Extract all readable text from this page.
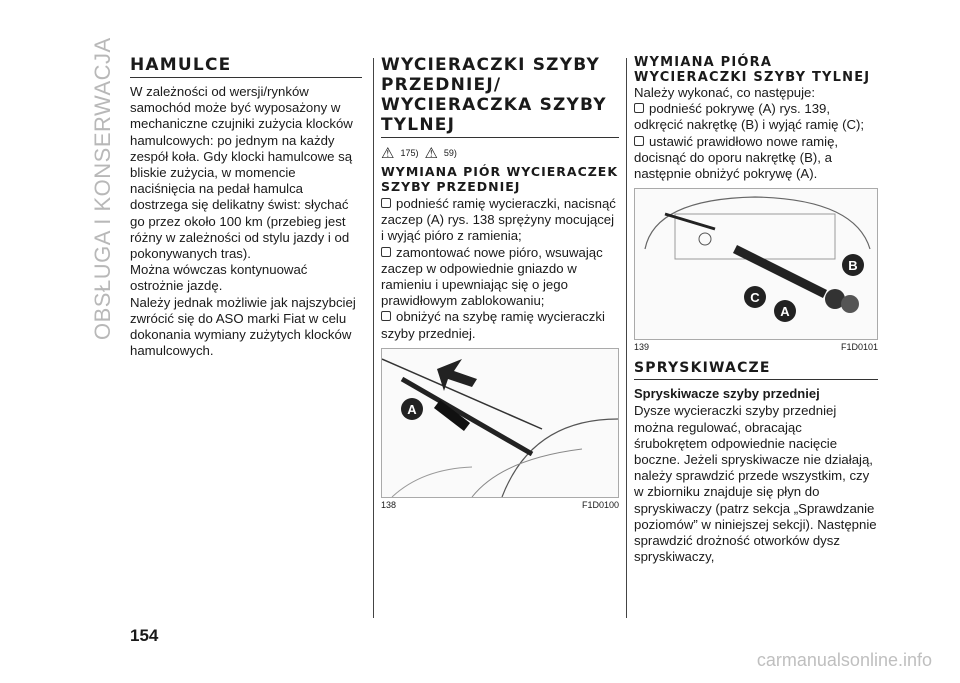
OBSŁUGA I KONSERWACJA HAMULCE

W zależności od wersji/rynków samochód może być wyposażony w mechaniczne czujniki zużycia klocków hamulcowych: po jednym na każdy zespół koła. Gdy klocki hamulcowe są bliskie zużycia, w momencie naciśnięcia na pedał hamulca dostrzega się delikatny świst: słychać go przez około 100 km (przebieg jest różny w zależności od stylu jazdy i od pokonywanych tras).

Można wówczas kontynuować ostrożnie jazdę.

Należy jednak możliwie jak najszybciej zwrócić się do ASO marki Fiat w celu dokonania wymiany zużytych klocków hamulcowych.

WYCIERACZKI SZYBY PRZEDNIEJ/ WYCIERACZKA SZYBY TYLNEJ
⚠ 175) ⚠ 59)
WYMIANA PIÓR WYCIERACZEK SZYBY PRZEDNIEJ

podnieść ramię wycieraczki, nacisnąć zaczep (A) rys. 138 sprężyny mocującej i wyjąć pióro z ramienia;

zamontować nowe pióro, wsuwając zaczep w odpowiednie gniazdo w ramieniu i upewniając się o jego prawidłowym zablokowaniu;

obniżyć na szybę ramię wycieraczki szyby przedniej.

A
138	F1D0100
WYMIANA PIÓRA WYCIERACZKI SZYBY TYLNEJ

Należy wykonać, co następuje:

podnieść pokrywę (A) rys. 139, odkręcić nakrętkę (B) i wyjąć ramię (C);

ustawić prawidłowo nowe ramię, docisnąć do oporu nakrętkę (B), a następnie obniżyć pokrywę (A).

B
C
A
139	F1D0101
SPRYSKIWACZE

Spryskiwacze szyby przedniej

Dysze wycieraczki szyby przedniej można regulować, obracając śrubokrętem odpowiednie nacięcie boczne. Jeżeli spryskiwacze nie działają, należy sprawdzić przede wszystkim, czy w zbiorniku znajduje się płyn do spryskiwaczy (patrz sekcja „Sprawdzanie poziomów” w niniejszej sekcji). Następnie sprawdzić drożność otworków dysz spryskiwaczy,

154
carmanualsonline.info
